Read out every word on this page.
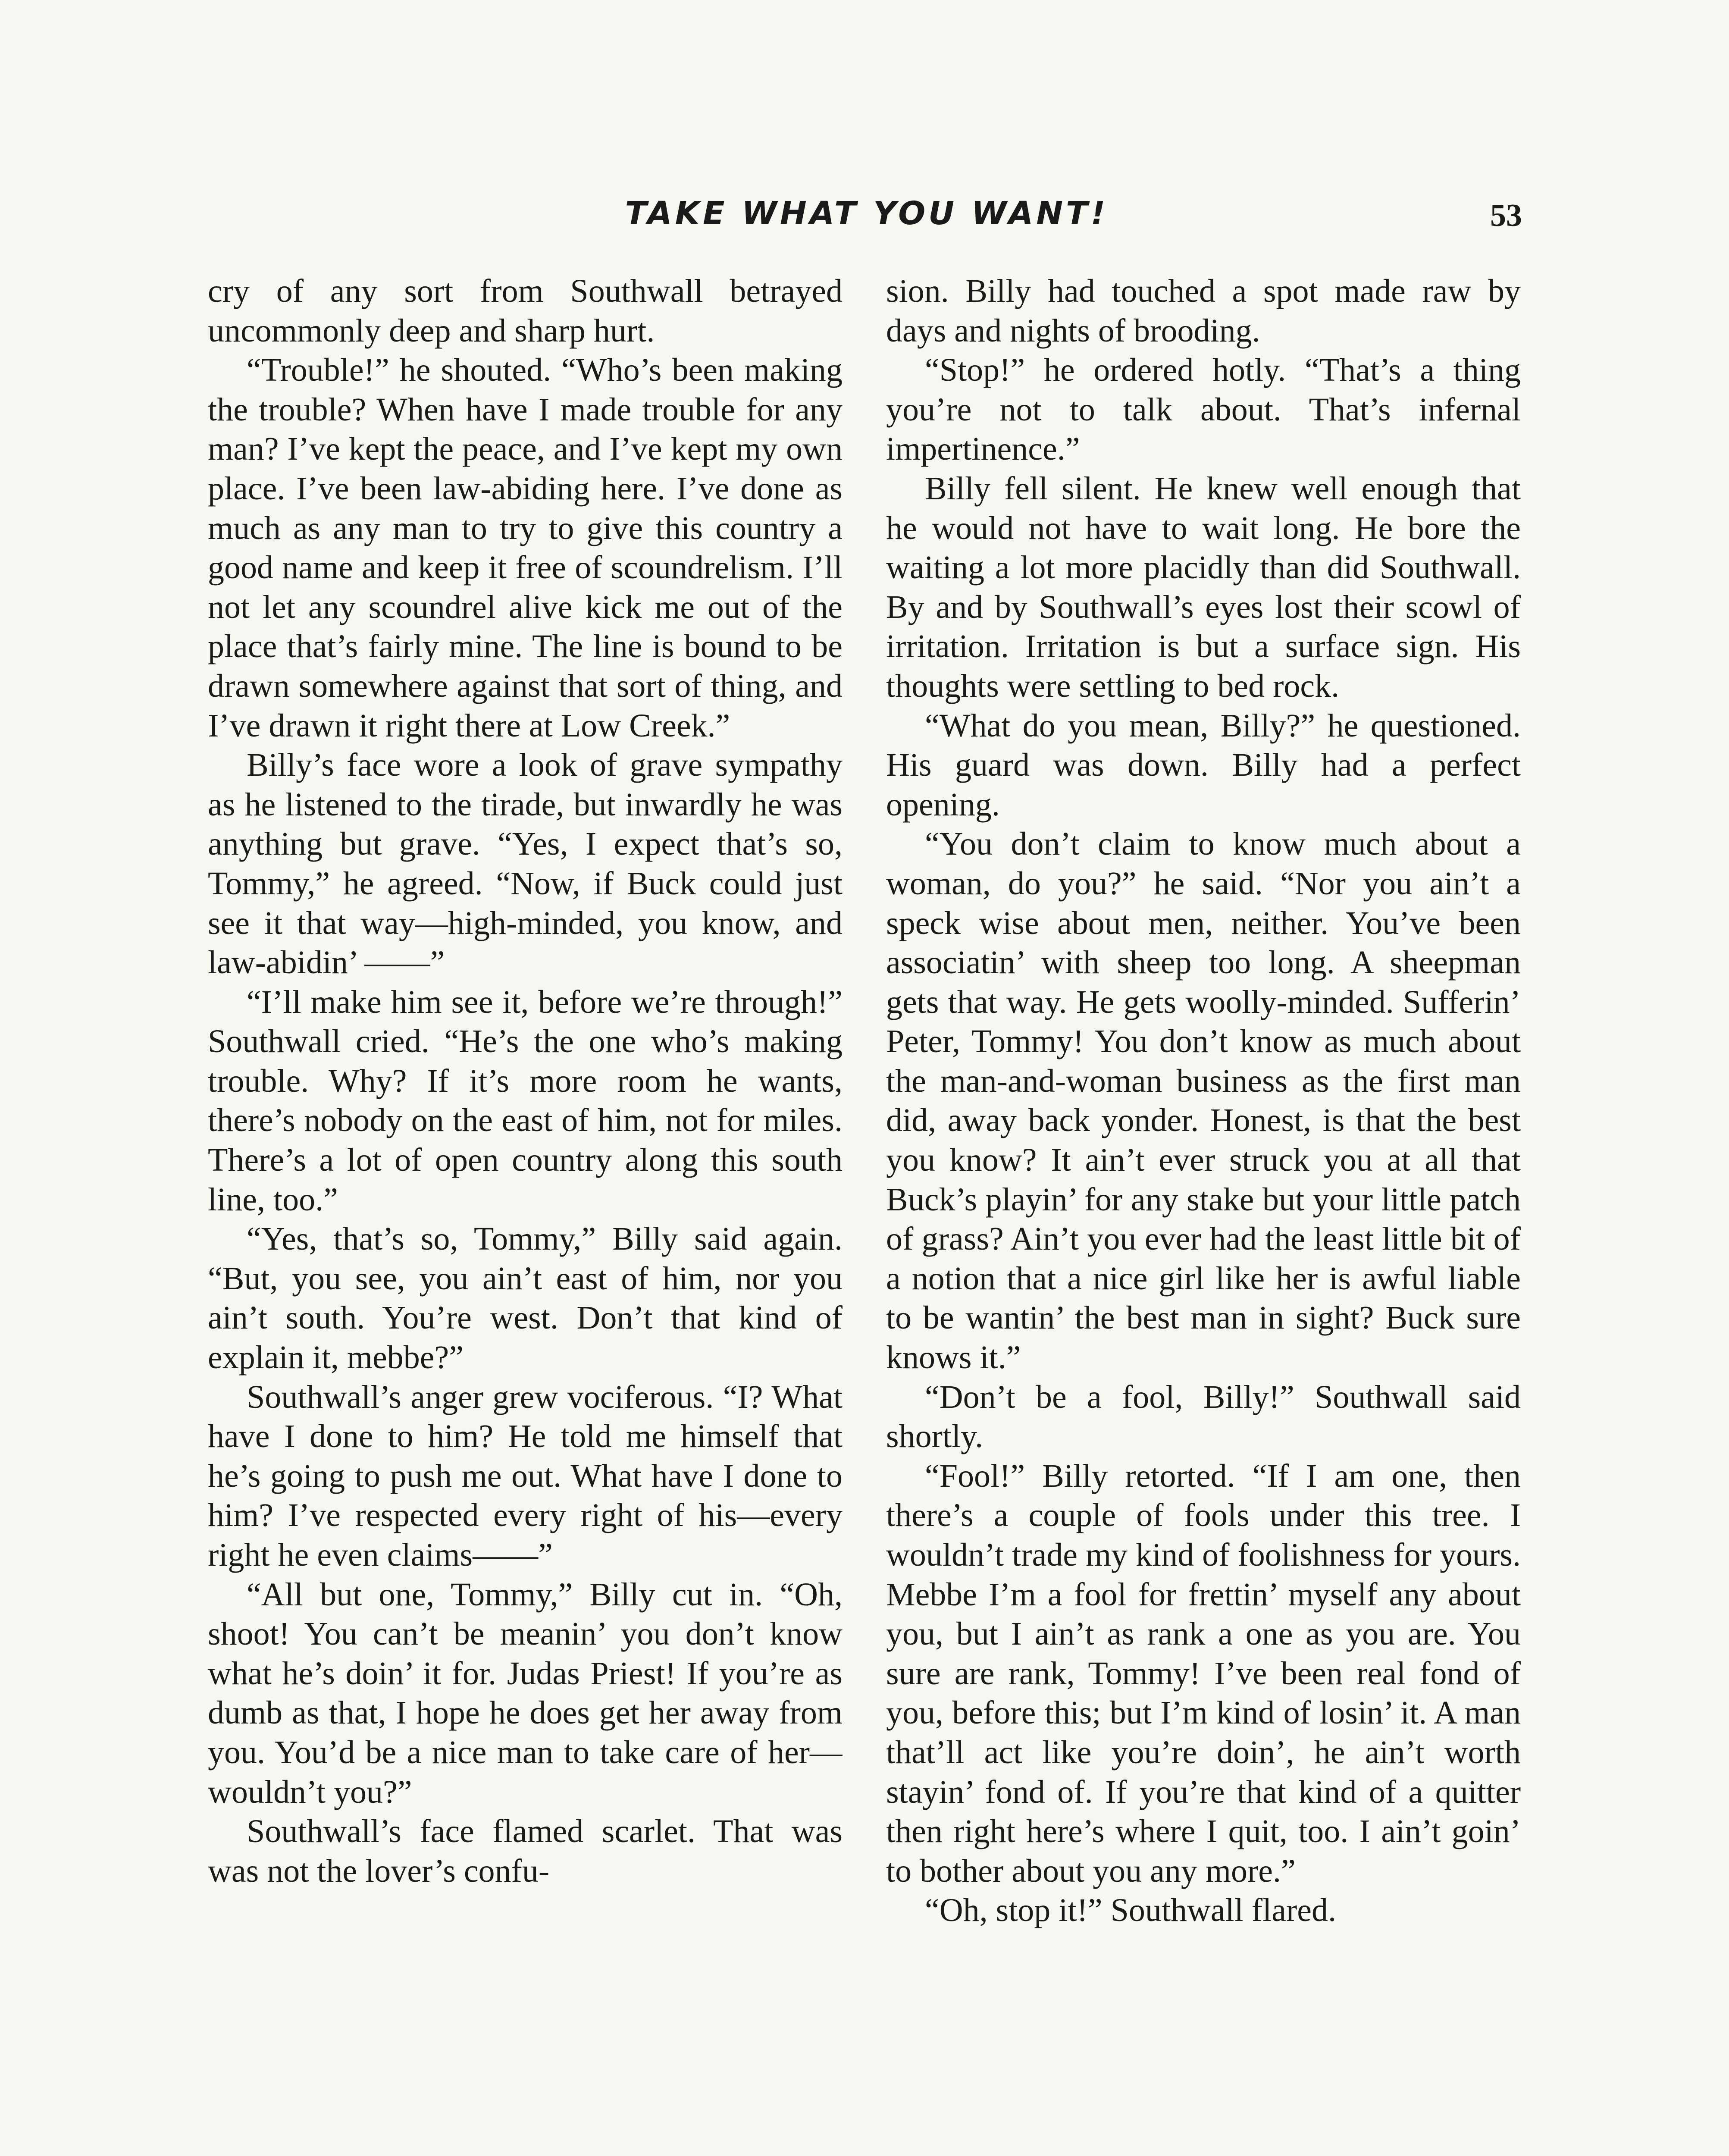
TAKE WHAT YOU WANT!	53

cry of any sort from Southwall betrayed uncommonly deep and sharp hurt.

“Trouble!” he shouted. “Who’s been making the trouble? When have I made trouble for any man? I’ve kept the peace, and I’ve kept my own place. I’ve been law-abiding here. I’ve done as much as any man to try to give this country a good name and keep it free of scoundrelism. I’ll not let any scoundrel alive kick me out of the place that’s fairly mine. The line is bound to be drawn somewhere against that sort of thing, and I’ve drawn it right there at Low Creek.”

Billy’s face wore a look of grave sympathy as he listened to the tirade, but inwardly he was anything but grave. “Yes, I expect that’s so, Tommy,” he agreed. “Now, if Buck could just see it that way—high-minded, you know, and law-abidin’ ——”

“I’ll make him see it, before we’re through!” Southwall cried. “He’s the one who’s making trouble. Why? If it’s more room he wants, there’s nobody on the east of him, not for miles. There’s a lot of open country along this south line, too.”

“Yes, that’s so, Tommy,” Billy said again. “But, you see, you ain’t east of him, nor you ain’t south. You’re west. Don’t that kind of explain it, mebbe?”

Southwall’s anger grew vociferous. “I? What have I done to him? He told me himself that he’s going to push me out. What have I done to him? I’ve respected every right of his—every right he even claims——”

“All but one, Tommy,” Billy cut in. “Oh, shoot! You can’t be meanin’ you don’t know what he’s doin’ it for. Judas Priest! If you’re as dumb as that, I hope he does get her away from you. You’d be a nice man to take care of her—wouldn’t you?”

Southwall’s face flamed scarlet. That was was not the lover’s confu-

sion. Billy had touched a spot made raw by days and nights of brooding.

“Stop!” he ordered hotly. “That’s a thing you’re not to talk about. That’s infernal impertinence.”

Billy fell silent. He knew well enough that he would not have to wait long. He bore the waiting a lot more placidly than did Southwall. By and by Southwall’s eyes lost their scowl of irritation. Irritation is but a surface sign. His thoughts were settling to bed rock.

“What do you mean, Billy?” he questioned. His guard was down. Billy had a perfect opening.

“You don’t claim to know much about a woman, do you?” he said. “Nor you ain’t a speck wise about men, neither. You’ve been associatin’ with sheep too long. A sheepman gets that way. He gets woolly-minded. Sufferin’ Peter, Tommy! You don’t know as much about the man-and-woman business as the first man did, away back yonder. Honest, is that the best you know? It ain’t ever struck you at all that Buck’s playin’ for any stake but your little patch of grass? Ain’t you ever had the least little bit of a notion that a nice girl like her is awful liable to be wantin’ the best man in sight? Buck sure knows it.”

“Don’t be a fool, Billy!” Southwall said shortly.

“Fool!” Billy retorted. “If I am one, then there’s a couple of fools under this tree. I wouldn’t trade my kind of foolishness for yours. Mebbe I’m a fool for frettin’ myself any about you, but I ain’t as rank a one as you are. You sure are rank, Tommy! I’ve been real fond of you, before this; but I’m kind of losin’ it. A man that’ll act like you’re doin’, he ain’t worth stayin’ fond of. If you’re that kind of a quitter then right here’s where I quit, too. I ain’t goin’ to bother about you any more.”

“Oh, stop it!” Southwall flared.
